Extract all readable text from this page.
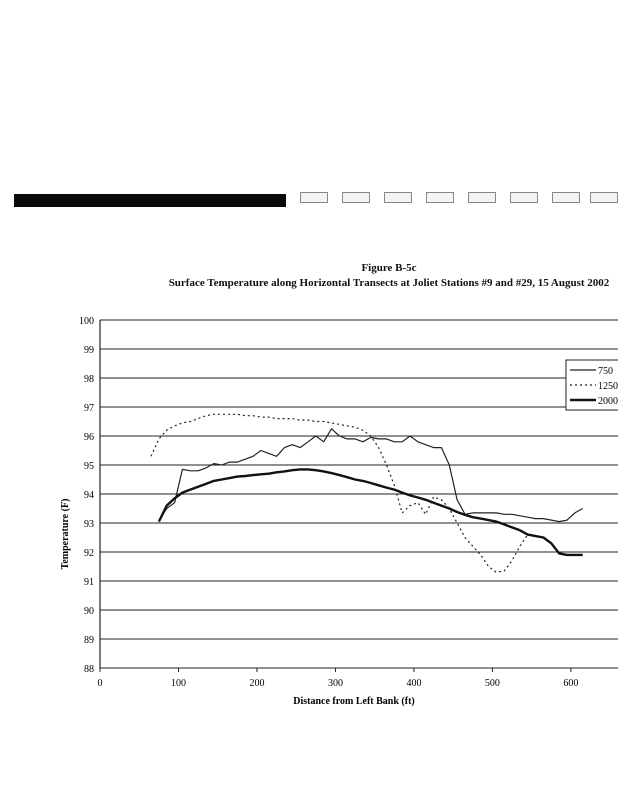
Figure B-5c
Surface Temperature along Horizontal Transects at Joliet Stations #9 and #29, 15 August 2002
88
89
90
91
92
93
94
95
96
97
98
99
100
0	100	200	300	400	500	600
Distance from Left Bank (ft)
Temperature (F)
750
1250
2000
